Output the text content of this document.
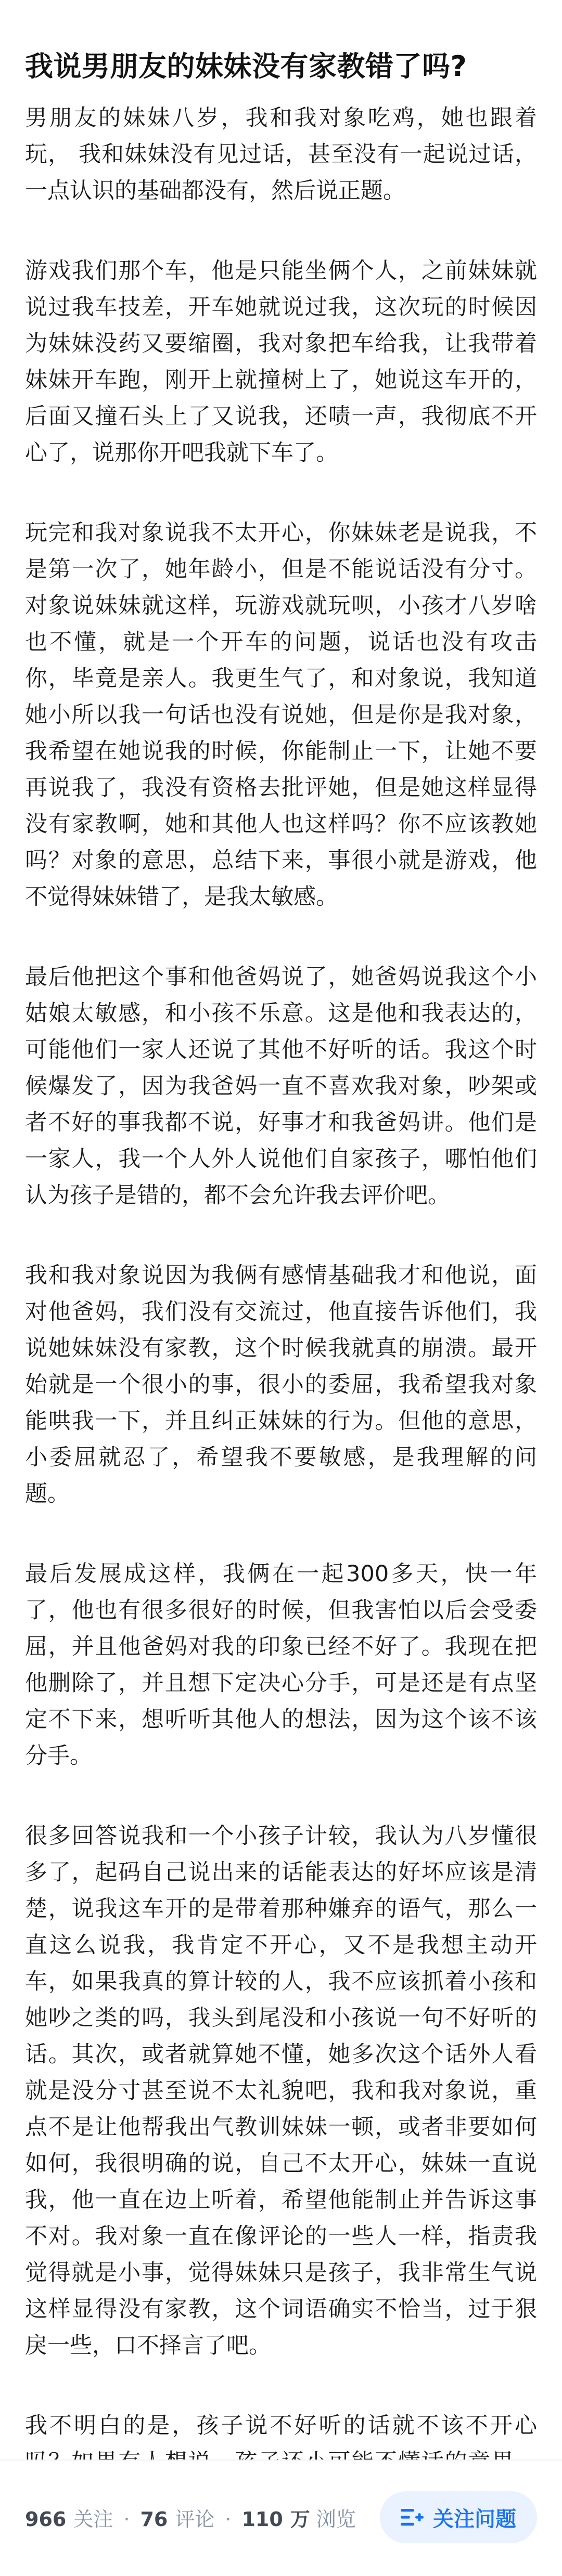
我说男朋友的妹妹没有家教错了吗?

男朋友的妹妹八岁，我和我对象吃鸡，她也跟着玩， 我和妹妹没有见过话，甚至没有一起说过话，一点认识的基础都没有，然后说正题。

游戏我们那个车，他是只能坐俩个人，之前妹妹就说过我车技差，开车她就说过我，这次玩的时候因为妹妹没药又要缩圈，我对象把车给我，让我带着妹妹开车跑，刚开上就撞树上了，她说这车开的，后面又撞石头上了又说我，还啧一声，我彻底不开心了，说那你开吧我就下车了。

玩完和我对象说我不太开心，你妹妹老是说我，不是第一次了，她年龄小，但是不能说话没有分寸。对象说妹妹就这样，玩游戏就玩呗，小孩才八岁啥也不懂，就是一个开车的问题，说话也没有攻击你，毕竟是亲人。我更生气了，和对象说，我知道她小所以我一句话也没有说她，但是你是我对象，我希望在她说我的时候，你能制止一下，让她不要再说我了，我没有资格去批评她，但是她这样显得没有家教啊，她和其他人也这样吗？你不应该教她吗？对象的意思，总结下来，事很小就是游戏，他不觉得妹妹错了，是我太敏感。

最后他把这个事和他爸妈说了，她爸妈说我这个小姑娘太敏感，和小孩不乐意。这是他和我表达的，可能他们一家人还说了其他不好听的话。我这个时候爆发了，因为我爸妈一直不喜欢我对象，吵架或者不好的事我都不说，好事才和我爸妈讲。他们是一家人，我一个人外人说他们自家孩子，哪怕他们认为孩子是错的，都不会允许我去评价吧。

我和我对象说因为我俩有感情基础我才和他说，面对他爸妈，我们没有交流过，他直接告诉他们，我说她妹妹没有家教，这个时候我就真的崩溃。最开始就是一个很小的事，很小的委屈，我希望我对象能哄我一下，并且纠正妹妹的行为。但他的意思，小委屈就忍了，希望我不要敏感，是我理解的问题。

最后发展成这样，我俩在一起300多天，快一年了，他也有很多很好的时候，但我害怕以后会受委屈，并且他爸妈对我的印象已经不好了。我现在把他删除了，并且想下定决心分手，可是还是有点坚定不下来，想听听其他人的想法，因为这个该不该分手。

很多回答说我和一个小孩子计较，我认为八岁懂很多了，起码自己说出来的话能表达的好坏应该是清楚，说我这车开的是带着那种嫌弃的语气，那么一直这么说我，我肯定不开心，又不是我想主动开车，如果我真的算计较的人，我不应该抓着小孩和她吵之类的吗，我头到尾没和小孩说一句不好听的话。其次，或者就算她不懂，她多次这个话外人看就是没分寸甚至说不太礼貌吧，我和我对象说，重点不是让他帮我出气教训妹妹一顿，或者非要如何如何，我很明确的说，自己不太开心，妹妹一直说我，他一直在边上听着，希望他能制止并告诉这事不对。我对象一直在像评论的一些人一样，指责我觉得就是小事，觉得妹妹只是孩子，我非常生气说这样显得没有家教，这个词语确实不恰当，过于狠戾一些，口不择言了吧。

我不明白的是，孩子说不好听的话就不该不开心

966 关注 · 76 评论 · 110 万 浏览	关注问题
